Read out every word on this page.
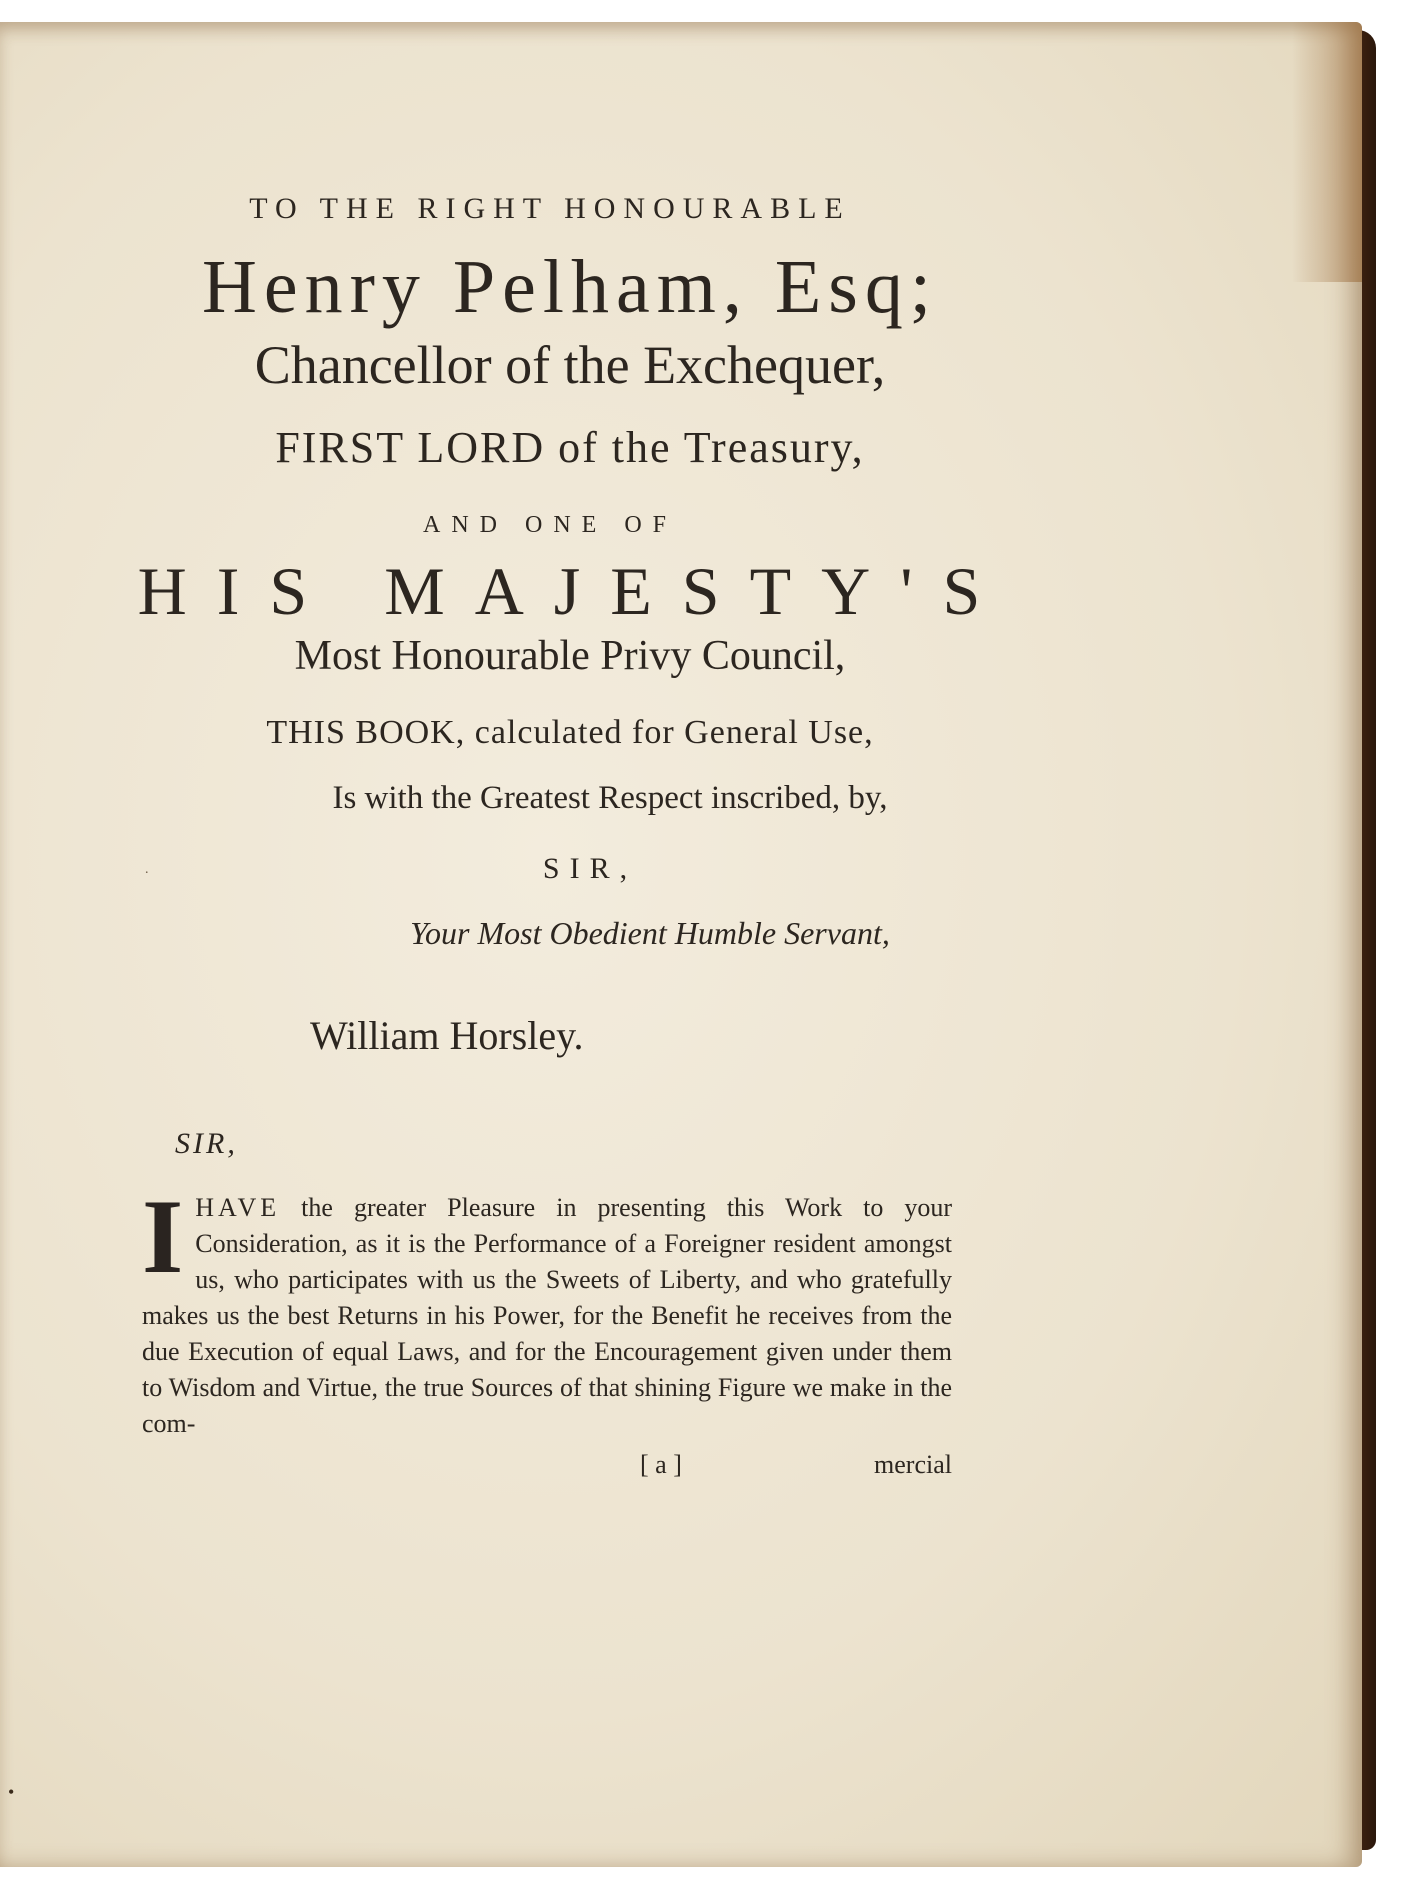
TO THE RIGHT HONOURABLE
Henry Pelham, Esq;
Chancellor of the Exchequer,
FIRST LORD of the Treasury,
AND ONE OF
HIS MAJESTY'S
Most Honourable Privy Council,
THIS BOOK, calculated for General Use,
Is with the Greatest Respect inscribed, by,
SIR,
Your Most Obedient Humble Servant,
William Horsley.
SIR,
I HAVE the greater Pleasure in presenting this Work to your Consideration, as it is the Performance of a Foreigner resident amongst us, who participates with us the Sweets of Liberty, and who gratefully makes us the best Returns in his Power, for the Benefit he receives from the due Execution of equal Laws, and for the Encouragement given under them to Wisdom and Virtue, the true Sources of that shining Figure we make in the com-

[ a ]	mercial
.
•
